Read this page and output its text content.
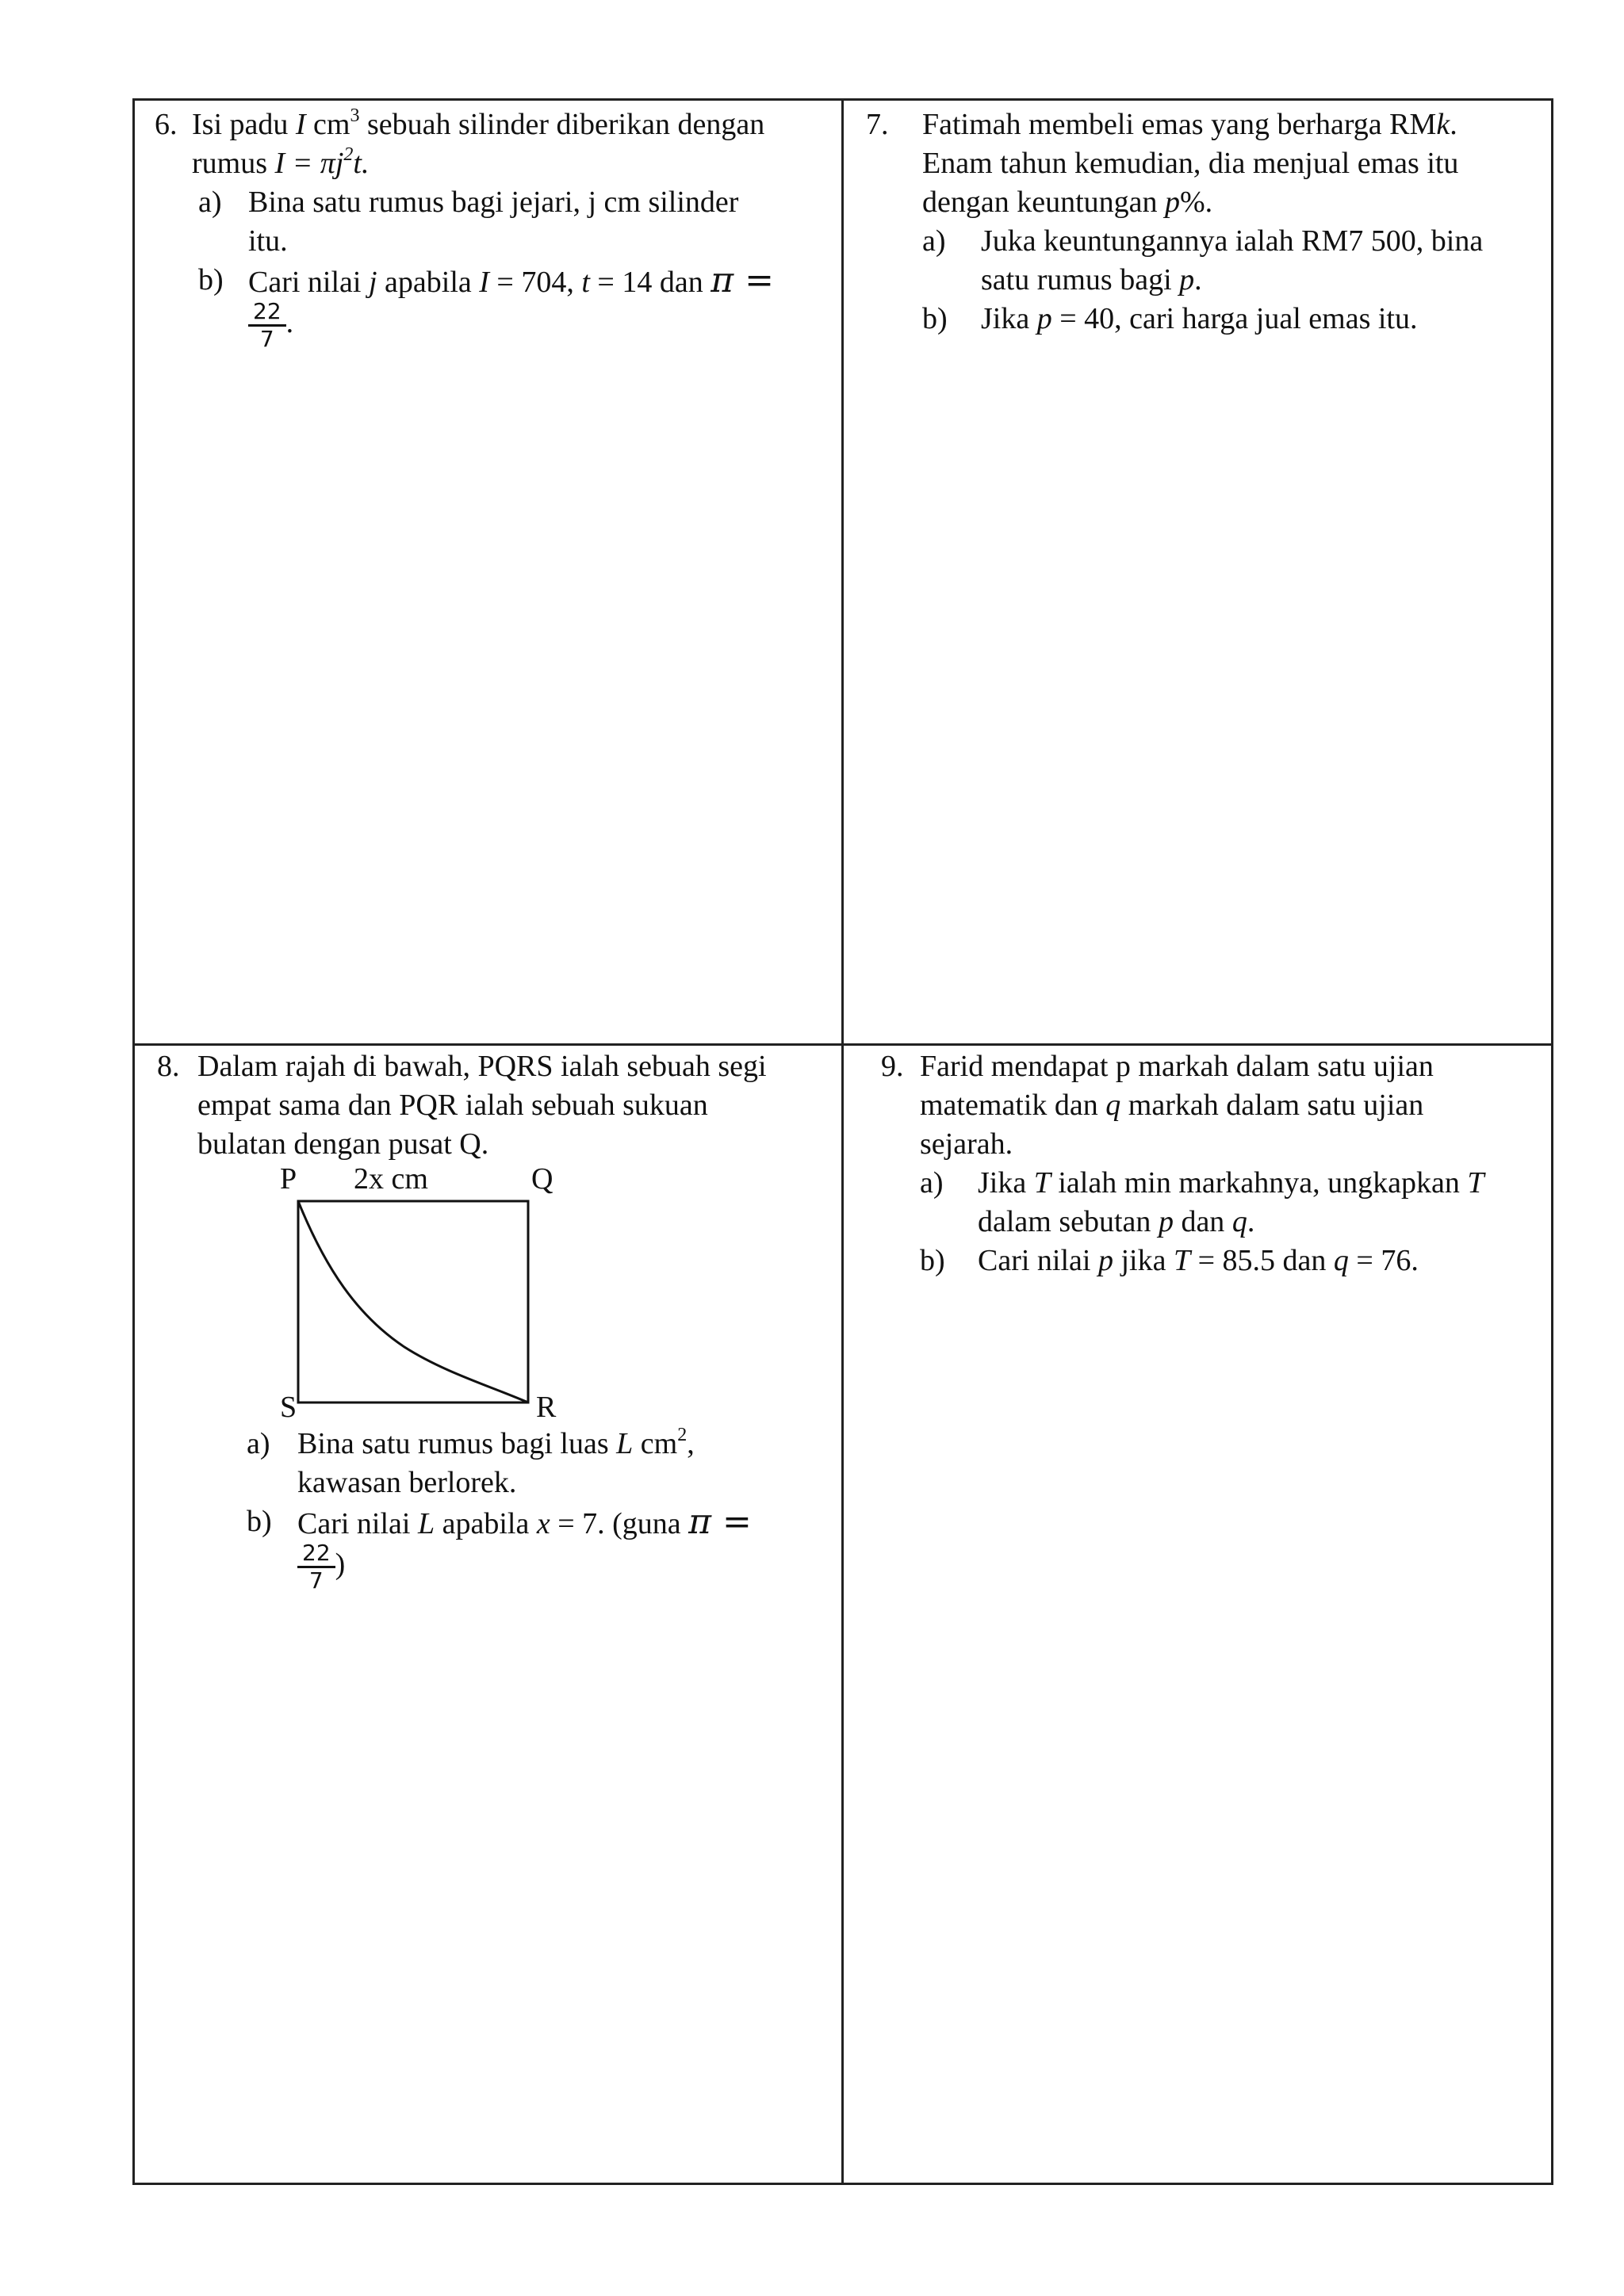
6. Isi padu I $cm^3$ sebuah silinder diberikan dengan
rumus $I = \pi j^2t$.
a) Bina satu rumus bagi jejari, j cm silinder
itu.
b) Cari nilai j apabila I = 704, t = 14 dan π =
$\frac{22}{7}$ .
7. Fatimah membeli emas yang berharga RMk.
Enam tahun kemudian, dia menjual emas itu
dengan keuntungan p%.
a) Juka keuntungannya ialah RM7 500, bina
satu rumus bagi p.
b) Jika p = 40, cari harga jual emas itu.
8. Dalam rajah di bawah, PQRS ialah sebuah segi
empat sama dan PQR ialah sebuah sukuan
bulatan dengan pusat Q.
P 2x cm	Q
S	R
a) Bina satu rumus bagi luas L $cm^2$,
kawasan berlorek.
b) Cari nilai L apabila x = 7. (guna π =
$\frac{22}{7}$ )
9. Farid mendapat p markah dalam satu ujian
matematik dan q markah dalam satu ujian
sejarah.
a) Jika T ialah min markahnya, ungkapkan T
dalam sebutan p dan q.
b) Cari nilai p jika T = 85.5 dan q = 76.
